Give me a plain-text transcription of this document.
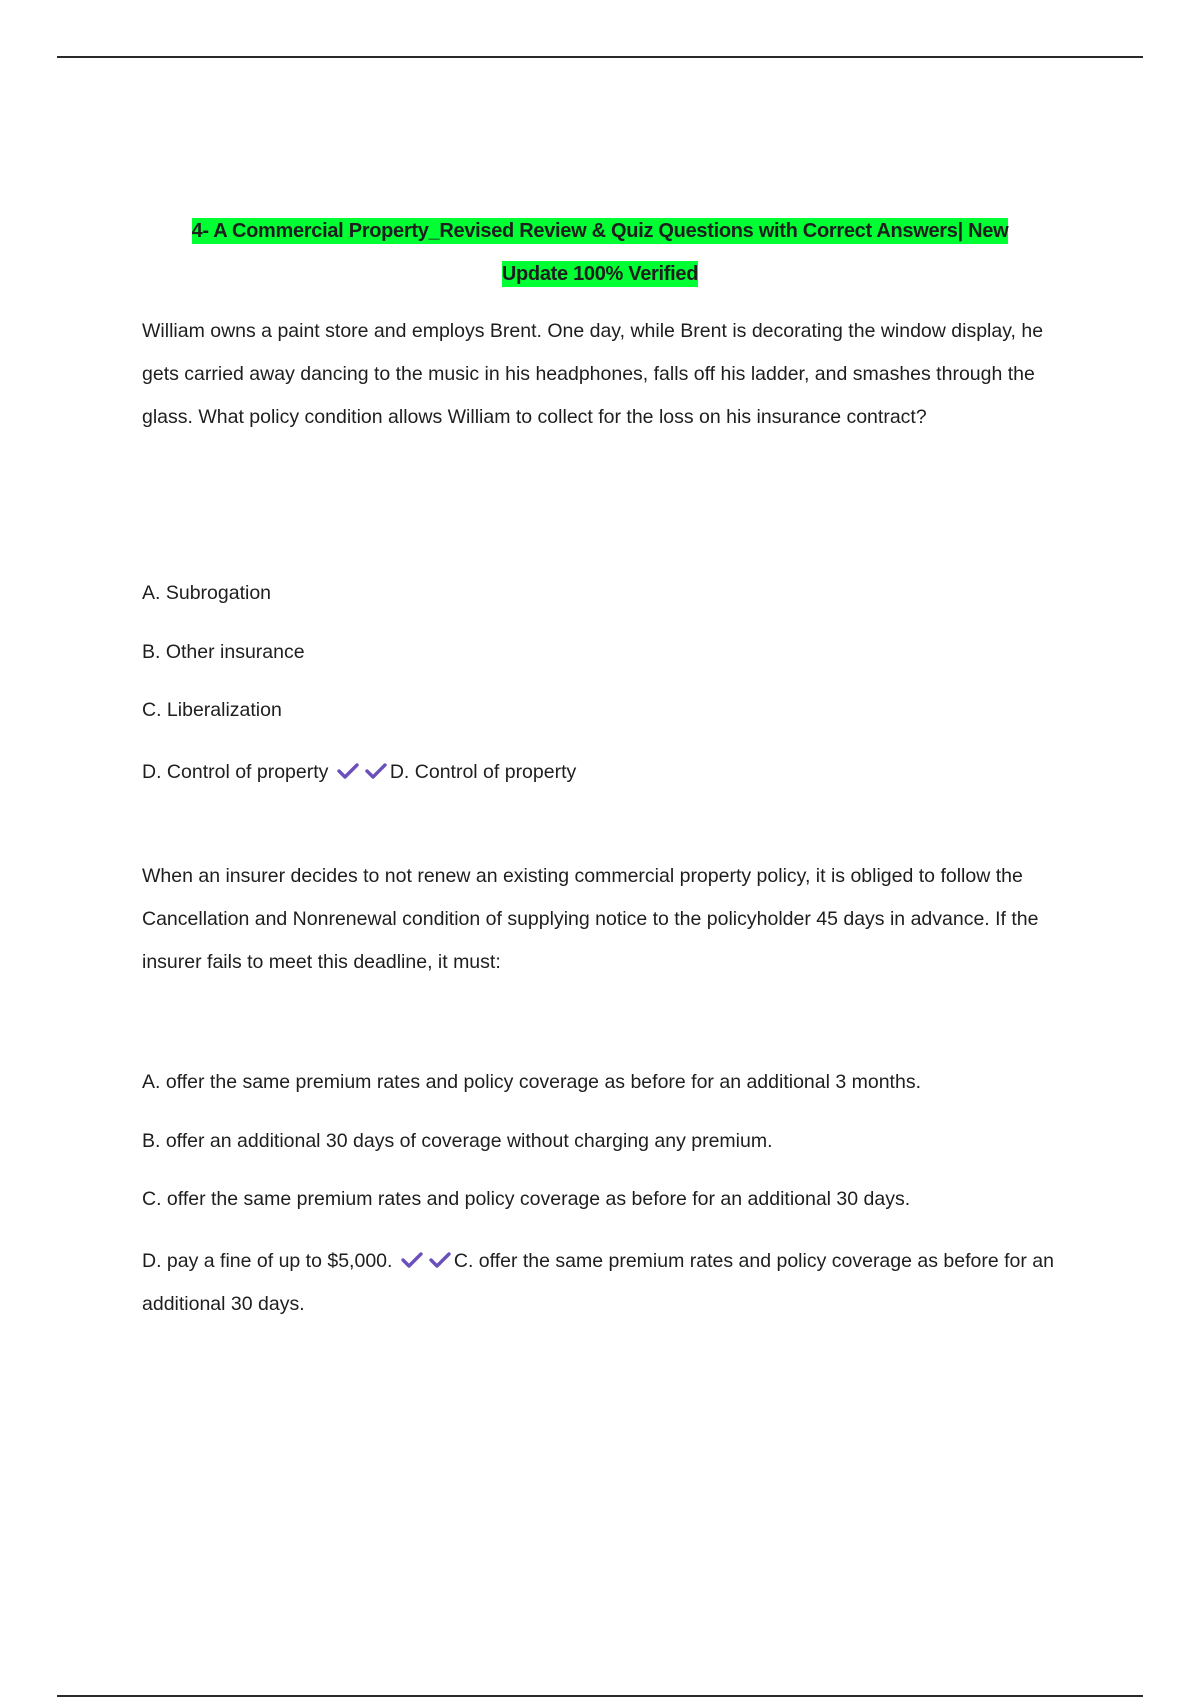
4- A Commercial Property_Revised Review & Quiz Questions with Correct Answers| New
Update 100% Verified
William owns a paint store and employs Brent. One day, while Brent is decorating the window display, he gets carried away dancing to the music in his headphones, falls off his ladder, and smashes through the glass. What policy condition allows William to collect for the loss on his insurance contract?
A. Subrogation
B. Other insurance
C. Liberalization
D. Control of property	D. Control of property
When an insurer decides to not renew an existing commercial property policy, it is obliged to follow the Cancellation and Nonrenewal condition of supplying notice to the policyholder 45 days in advance. If the insurer fails to meet this deadline, it must:
A. offer the same premium rates and policy coverage as before for an additional 3 months.
B. offer an additional 30 days of coverage without charging any premium.
C. offer the same premium rates and policy coverage as before for an additional 30 days.
D. pay a fine of up to $5,000.	C. offer the same premium rates and policy coverage as before for an additional 30 days.
